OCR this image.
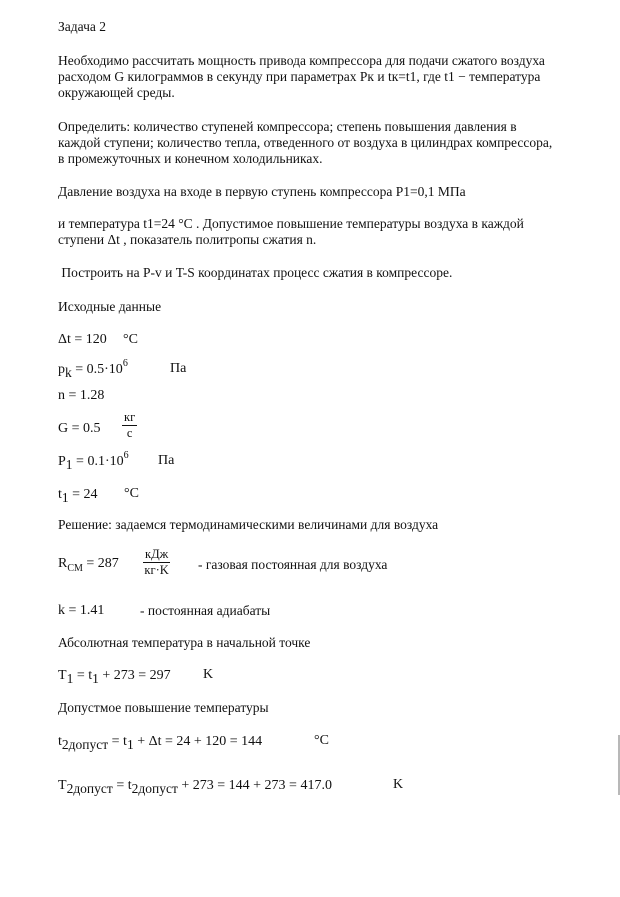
Задача 2
Необходимо рассчитать мощность привода компрессора для подачи сжатого воздуха
расходом G килограммов в секунду при параметрах Pк и tк=t1, где t1 − температура
окружающей среды.
Определить: количество ступеней компрессора; степень повышения давления в
каждой ступени; количество тепла, отведенного от воздуха в цилиндрах компрессора,
в промежуточных и конечном холодильниках.
Давление воздуха на входе в первую ступень компрессора P1=0,1 МПа
и температура t1=24 °C . Допустимое повышение температуры воздуха в каждой
ступени Δt , показатель политропы сжатия n.
Построить на P-v и T-S координатах процесс сжатия в компрессоре.
Исходные данные
Δt = 120 °C
pk = $0.5\cdot 10^6$	Па
n = 1.28
G = 0.5
кг
с
$P1 = 0.1\cdot 10^6$ Па
t1 = 24 °C
Решение: задаемся термодинамическими величинами для воздуха
$R_{CM} = 287$
кДж
кг·K - газовая постоянная для воздуха
k = 1.41	- постоянная адиабаты
Абсолютная температура в начальной точке
T1 = t1 + 273 = 297 K
Допустмое повышение температуры
t2допуст = t1 + Δt = 24 + 120 = 144	°C
T2допуст = t2допуст + 273 = 144 + 273 = 417.0	K
